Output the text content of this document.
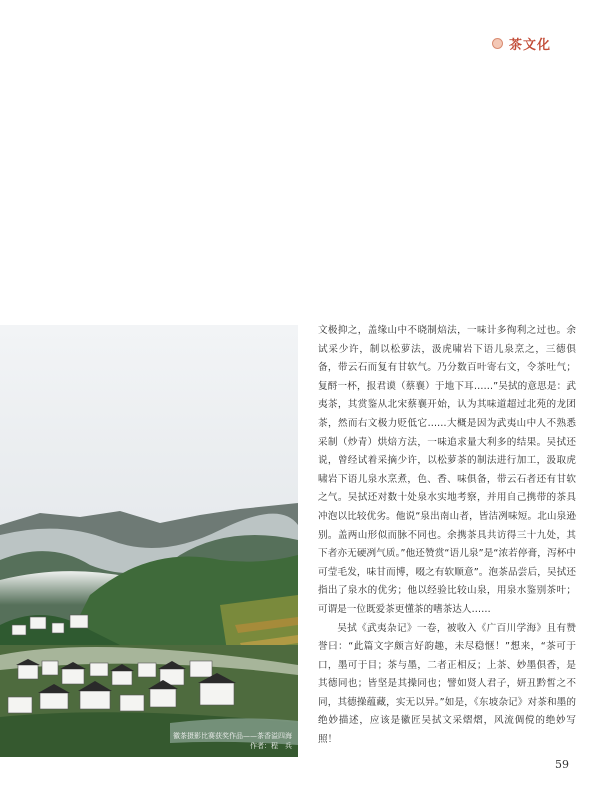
茶文化
徽茶摄影比赛获奖作品——茶香溢四海
作者：程　兵

文极抑之，盖缘山中不晓制焙法，一味计多徇利之过也。余试采少许，制以松萝法，汲虎啸岩下语儿泉烹之，三德俱备，带云石而复有甘软气。乃分数百叶寄右文，令茶吐气；复酹一杯，报君谟（蔡襄）于地下耳……”吴拭的意思是：武夷茶，其赏鉴从北宋蔡襄开始，认为其味道超过北苑的龙团茶，然而右文极力贬低它……大概是因为武夷山中人不熟悉采制（炒青）烘焙方法，一味追求量大利多的结果。吴拭还说，曾经试着采摘少许，以松萝茶的制法进行加工，汲取虎啸岩下语儿泉水烹煮，色、香、味俱备，带云石者还有甘软之气。吴拭还对数十处泉水实地考察，并用自己携带的茶具冲泡以比较优劣。他说“泉出南山者，皆洁冽味短。北山泉逊别。盖两山形似而脉不同也。余携茶具共访得三十九处，其下者亦无硬冽气质。”他还赞赏“语儿泉”是“浓若停膏，泻杯中可莹毛发，味甘而博，啜之有软顺意”。泡茶品尝后，吴拭还指出了泉水的优劣；他以经验比较山泉，用泉水鉴别茶叶；可谓是一位既爱茶更懂茶的嗜茶达人……

吴拭《武夷杂记》一卷，被收入《广百川学海》且有赞誉曰：“此篇文字颇言好韵趣，未尽稳惬！”想来，“茶可于口，墨可于目；茶与墨，二者正相反；上茶、妙墨俱香，是其德同也；皆坚是其操同也；譬如贤人君子，妍丑黔皙之不同，其德操蕴藏，实无以异。”如是，《东坡杂记》对茶和墨的绝妙描述，应该是徽匠吴拭文采熠熠，风流倜傥的绝妙写照！

59
